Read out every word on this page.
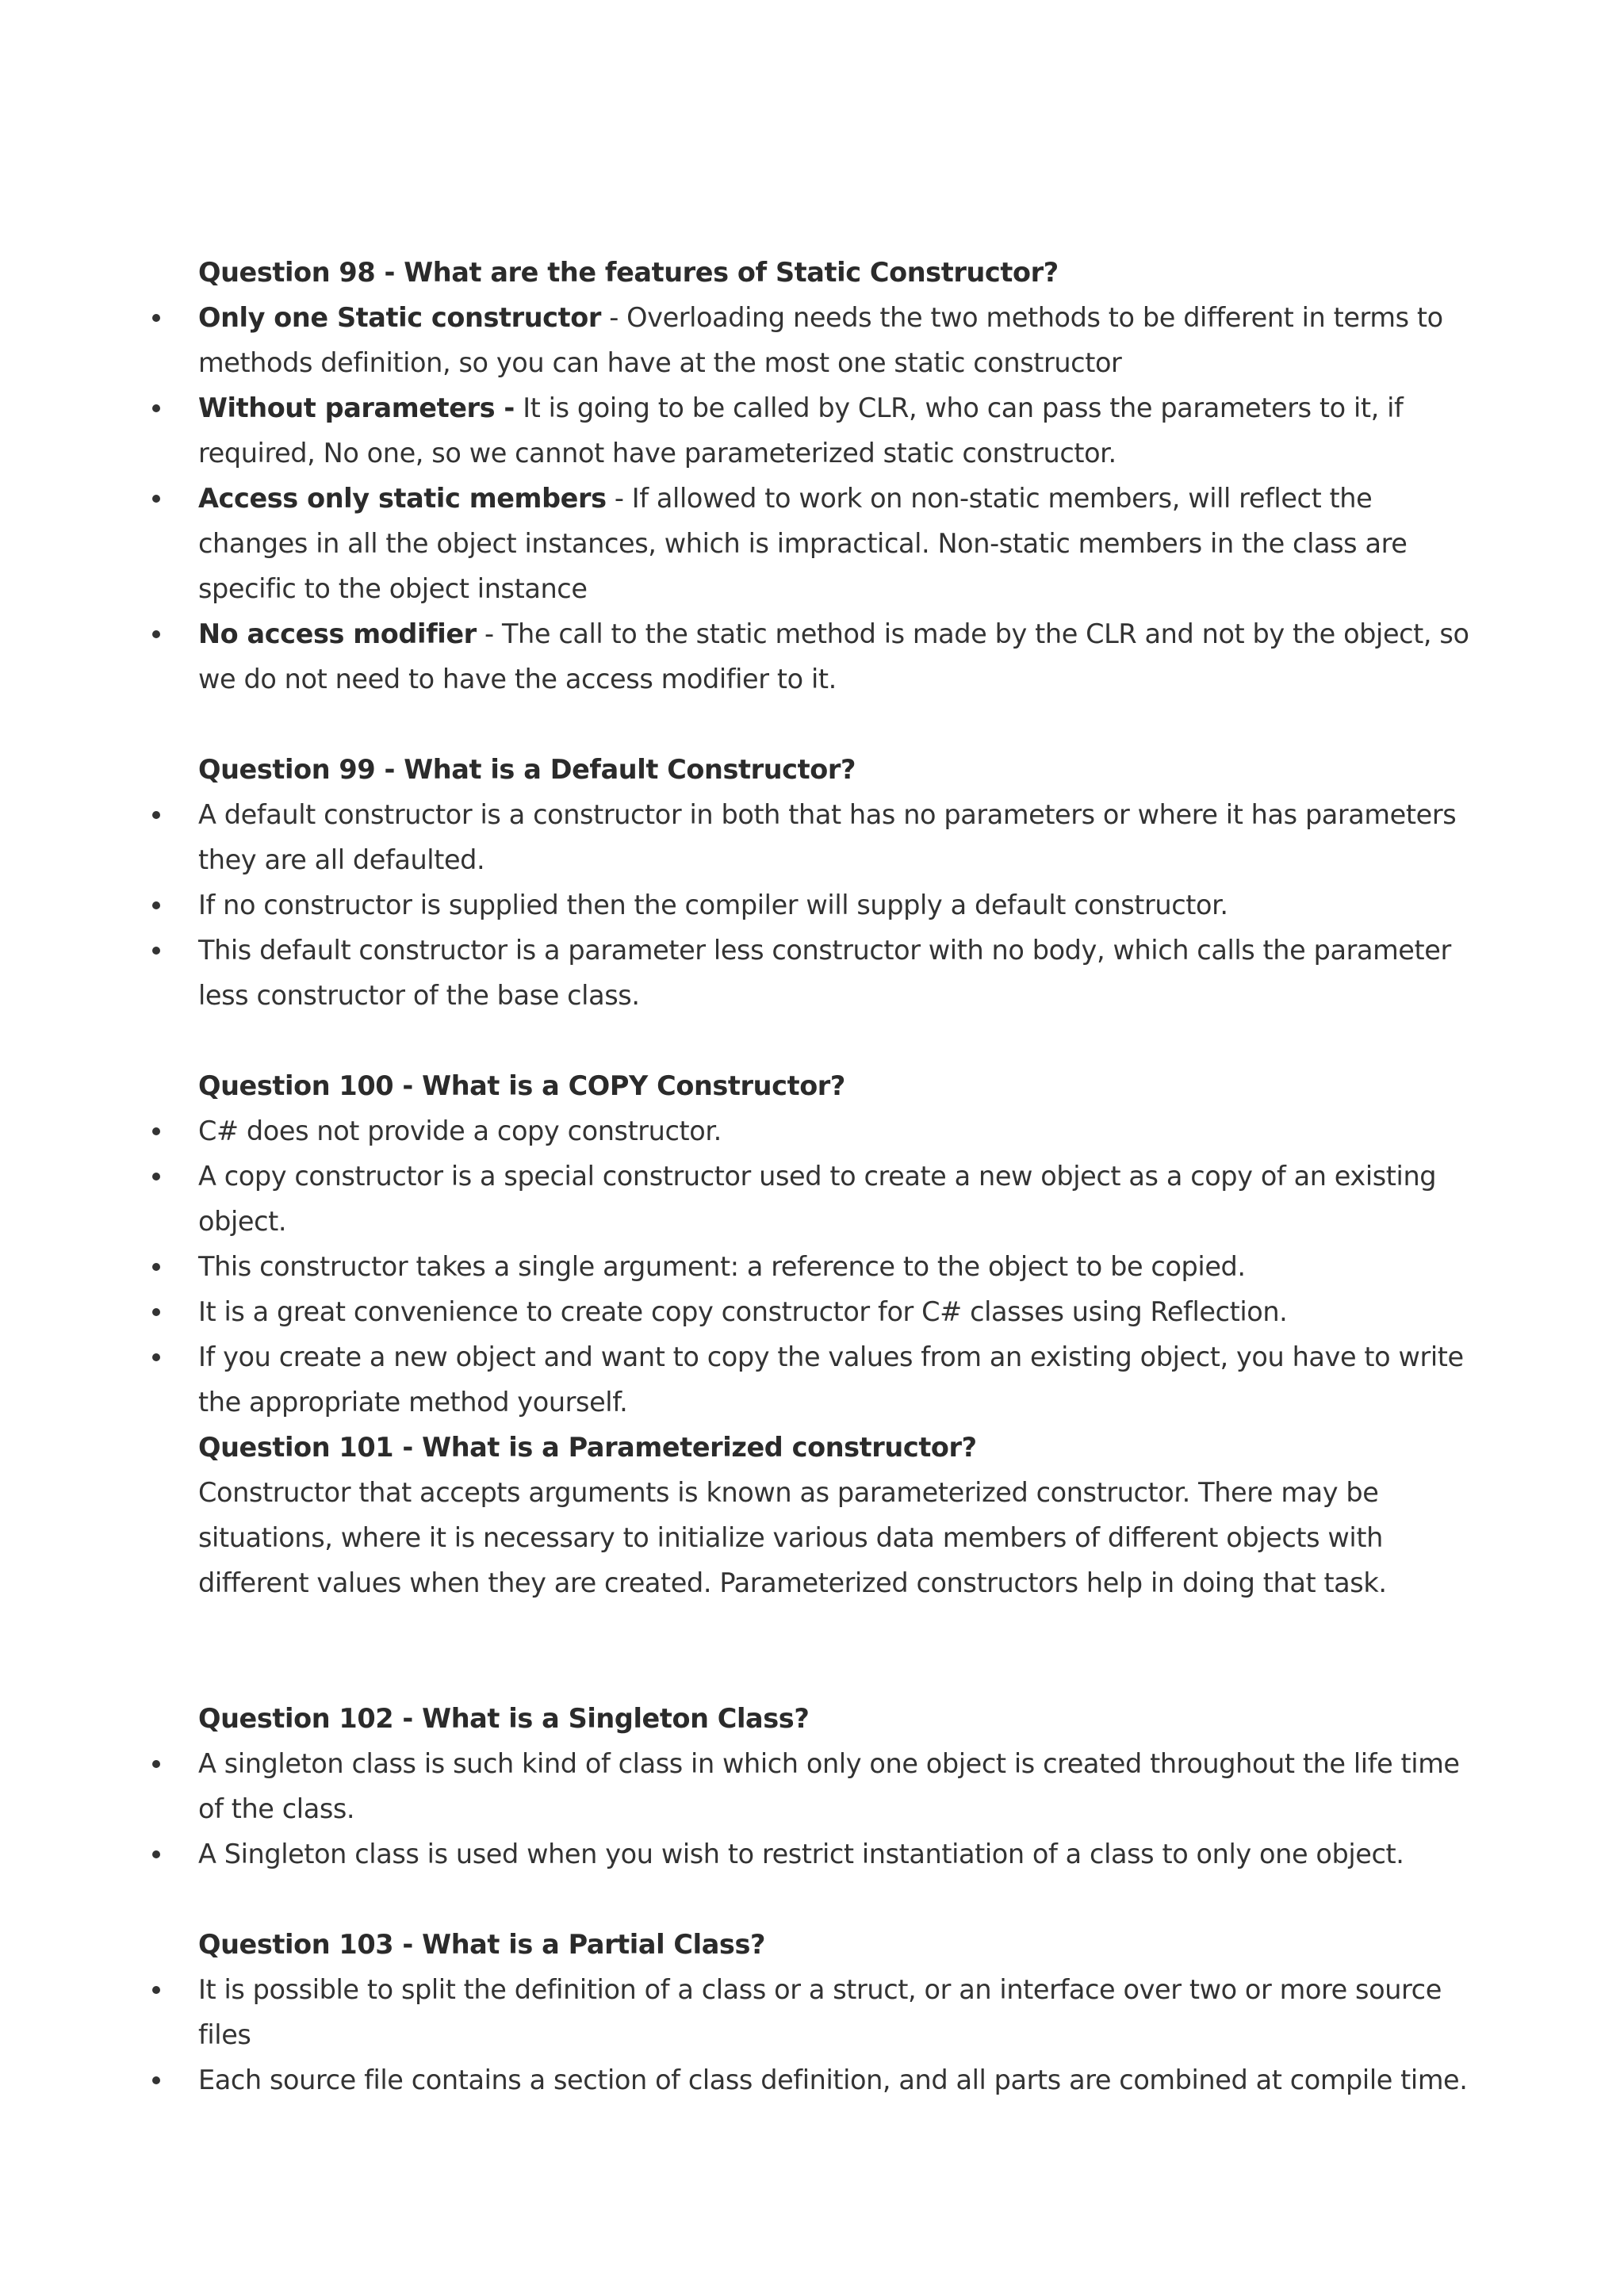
Question 98 - What are the features of Static Constructor?

Only one Static constructor - Overloading needs the two methods to be different in terms to methods definition, so you can have at the most one static constructor
Without parameters - It is going to be called by CLR, who can pass the parameters to it, if required, No one, so we cannot have parameterized static constructor.
Access only static members - If allowed to work on non-static members, will reflect the changes in all the object instances, which is impractical. Non-static members in the class are specific to the object instance
No access modifier - The call to the static method is made by the CLR and not by the object, so we do not need to have the access modifier to it.

Question 99 - What is a Default Constructor?

A default constructor is a constructor in both that has no parameters or where it has parameters they are all defaulted.
If no constructor is supplied then the compiler will supply a default constructor.
This default constructor is a parameter less constructor with no body, which calls the parameter less constructor of the base class.

Question 100 - What is a COPY Constructor?

C# does not provide a copy constructor.
A copy constructor is a special constructor used to create a new object as a copy of an existing object.
This constructor takes a single argument: a reference to the object to be copied.
It is a great convenience to create copy constructor for C# classes using Reflection.
If you create a new object and want to copy the values from an existing object, you have to write the appropriate method yourself.

Question 101 - What is a Parameterized constructor?

Constructor that accepts arguments is known as parameterized constructor. There may be situations, where it is necessary to initialize various data members of different objects with different values when they are created. Parameterized constructors help in doing that task.

Question 102 - What is a Singleton Class?

A singleton class is such kind of class in which only one object is created throughout the life time of the class.
A Singleton class is used when you wish to restrict instantiation of a class to only one object.

Question 103 - What is a Partial Class?

It is possible to split the definition of a class or a struct, or an interface over two or more source files
Each source file contains a section of class definition, and all parts are combined at compile time.
